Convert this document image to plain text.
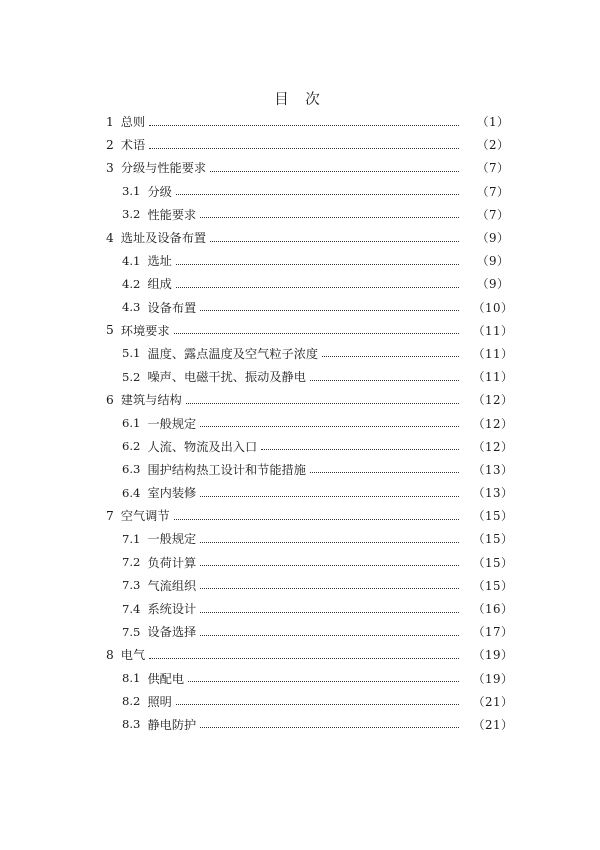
目 次
1 总则	（1）
2 术语	（2）
3 分级与性能要求	（7）
3.1 分级	（7）
3.2 性能要求	（7）
4 选址及设备布置	（9）
4.1 选址	（9）
4.2 组成	（9）
4.3 设备布置	（10）
5 环境要求	（11）
5.1 温度、露点温度及空气粒子浓度	（11）
5.2 噪声、电磁干扰、振动及静电	（11）
6 建筑与结构	（12）
6.1 一般规定	（12）
6.2 人流、物流及出入口	（12）
6.3 围护结构热工设计和节能措施	（13）
6.4 室内装修	（13）
7 空气调节	（15）
7.1 一般规定	（15）
7.2 负荷计算	（15）
7.3 气流组织	（15）
7.4 系统设计	（16）
7.5 设备选择	（17）
8 电气	（19）
8.1 供配电	（19）
8.2 照明	（21）
8.3 静电防护	（21）
